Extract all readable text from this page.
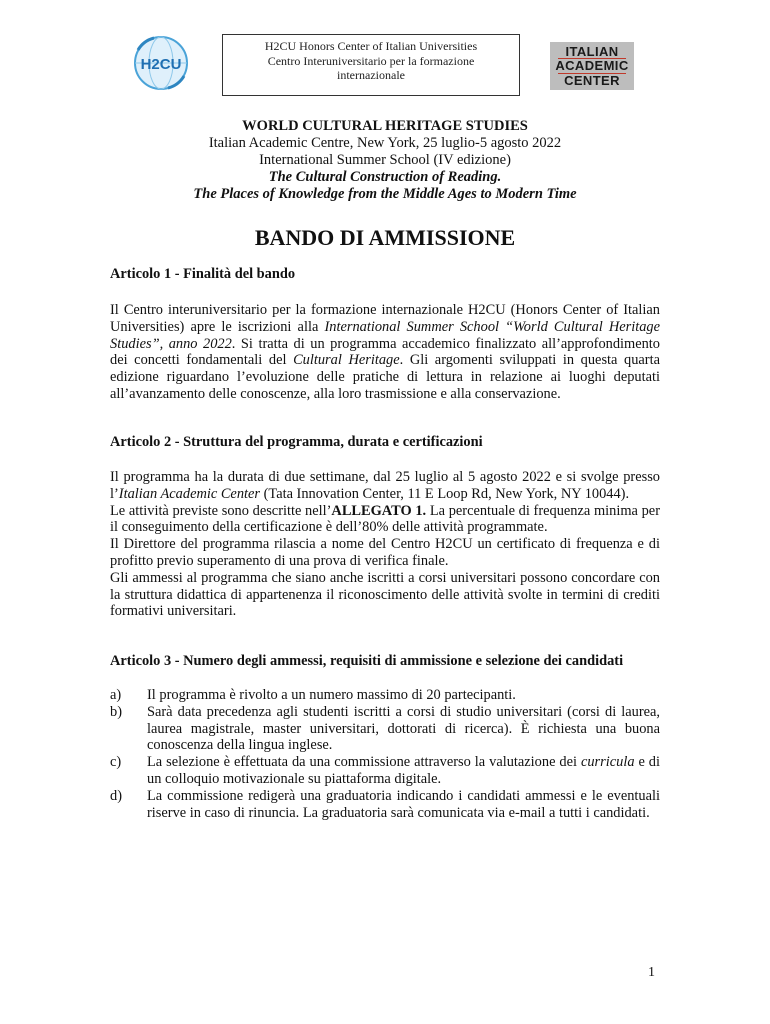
H2CU
H2CU Honors Center of Italian Universities
Centro Interuniversitario per la formazione
internazionale
ITALIAN
ACADEMIC
CENTER
WORLD CULTURAL HERITAGE STUDIES
Italian Academic Centre, New York, 25 luglio-5 agosto 2022
International Summer School (IV edizione)
The Cultural Construction of Reading.
The Places of Knowledge from the Middle Ages to Modern Time
BANDO DI AMMISSIONE
Articolo 1 - Finalità del bando
Il Centro interuniversitario per la formazione internazionale H2CU (Honors Center of Italian Universities) apre le iscrizioni alla International Summer School “World Cultural Heritage Studies”, anno 2022. Si tratta di un programma accademico finalizzato all’approfondimento dei concetti fondamentali del Cultural Heritage. Gli argomenti sviluppati in questa quarta edizione riguardano l’evoluzione delle pratiche di lettura in relazione ai luoghi deputati all’avanzamento delle conoscenze, alla loro trasmissione e alla conservazione.
Articolo 2 - Struttura del programma, durata e certificazioni

Il programma ha la durata di due settimane, dal 25 luglio al 5 agosto 2022 e si svolge presso l’Italian Academic Center (Tata Innovation Center, 11 E Loop Rd, New York, NY 10044).

Le attività previste sono descritte nell’ALLEGATO 1. La percentuale di frequenza minima per il conseguimento della certificazione è dell’80% delle attività programmate.

Il Direttore del programma rilascia a nome del Centro H2CU un certificato di frequenza e di profitto previo superamento di una prova di verifica finale.

Gli ammessi al programma che siano anche iscritti a corsi universitari possono concordare con la struttura didattica di appartenenza il riconoscimento delle attività svolte in termini di crediti formativi universitari.

Articolo 3 - Numero degli ammessi, requisiti di ammissione e selezione dei candidati
a)	Il programma è rivolto a un numero massimo di 20 partecipanti.
b)	Sarà data precedenza agli studenti iscritti a corsi di studio universitari (corsi di laurea, laurea magistrale, master universitari, dottorati di ricerca). È richiesta una buona conoscenza della lingua inglese.
c)	La selezione è effettuata da una commissione attraverso la valutazione dei curricula e di un colloquio motivazionale su piattaforma digitale.
d)	La commissione redigerà una graduatoria indicando i candidati ammessi e le eventuali riserve in caso di rinuncia. La graduatoria sarà comunicata via e-mail a tutti i candidati.
1
